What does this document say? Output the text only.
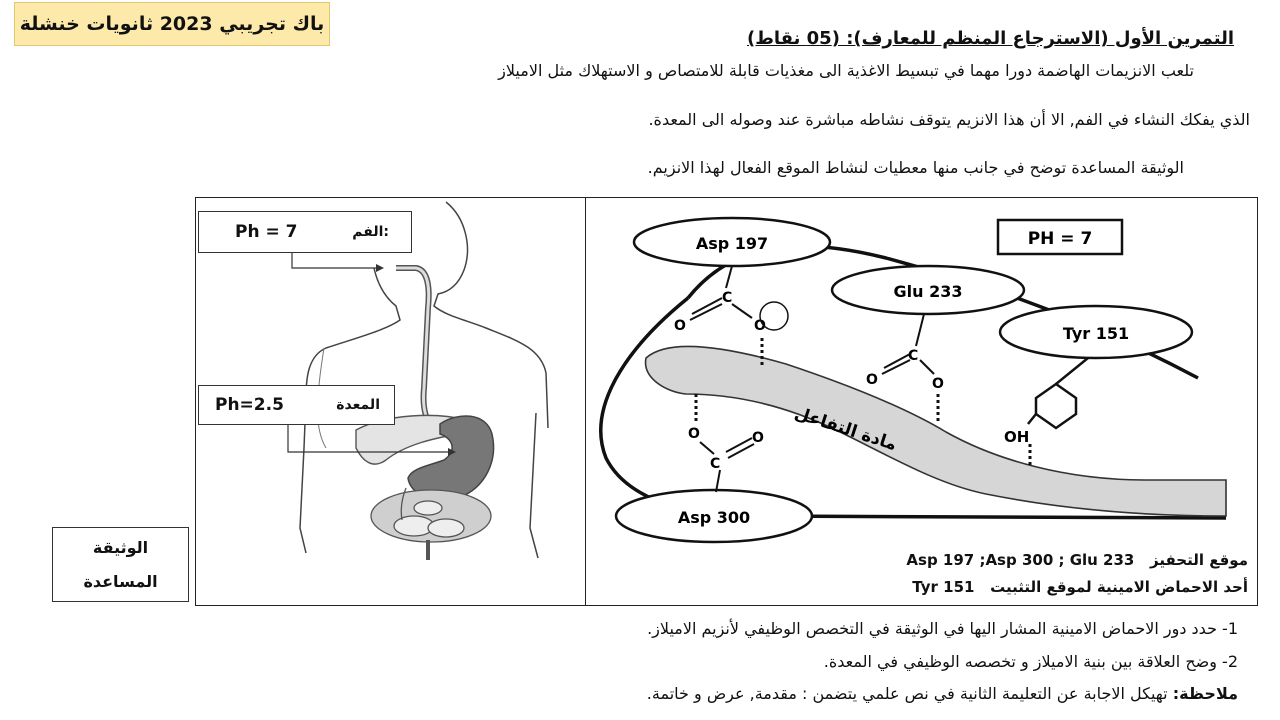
باك تجريبي 2023 ثانويات خنشلة
التمرين الأول (الاسترجاع المنظم للمعارف): (05 نقاط)
تلعب الانزيمات الهاضمة دورا مهما في تبسيط الاغذية الى مغذيات قابلة للامتصاص و الاستهلاك مثل الاميلاز
الذي يفكك النشاء في الفم, الا أن هذا الانزيم يتوقف نشاطه مباشرة عند وصوله الى المعدة.
الوثيقة المساعدة توضح في جانب منها معطيات لنشاط الموقع الفعال لهذا الانزيم.
Ph = 7	الفم:
Ph=2.5	المعدة
PH = 7
Asp 197
Glu 233
Tyr 151
Asp 300
C
O	O
C
O	O
O	O
C
OH
مادة التفاعل
موقع التحفيز   Asp 197 ;Asp 300 ; Glu 233
أحد الاحماض الامينية لموقع التثبيت   Tyr 151
الوثيقة
المساعدة
1- حدد دور الاحماض الامينية المشار اليها في الوثيقة في التخصص الوظيفي لأنزيم الاميلاز.
2- وضح العلاقة بين بنية الاميلاز و تخصصه الوظيفي في المعدة.
ملاحظة: تهيكل الاجابة عن التعليمة الثانية في نص علمي يتضمن : مقدمة, عرض و خاتمة.
